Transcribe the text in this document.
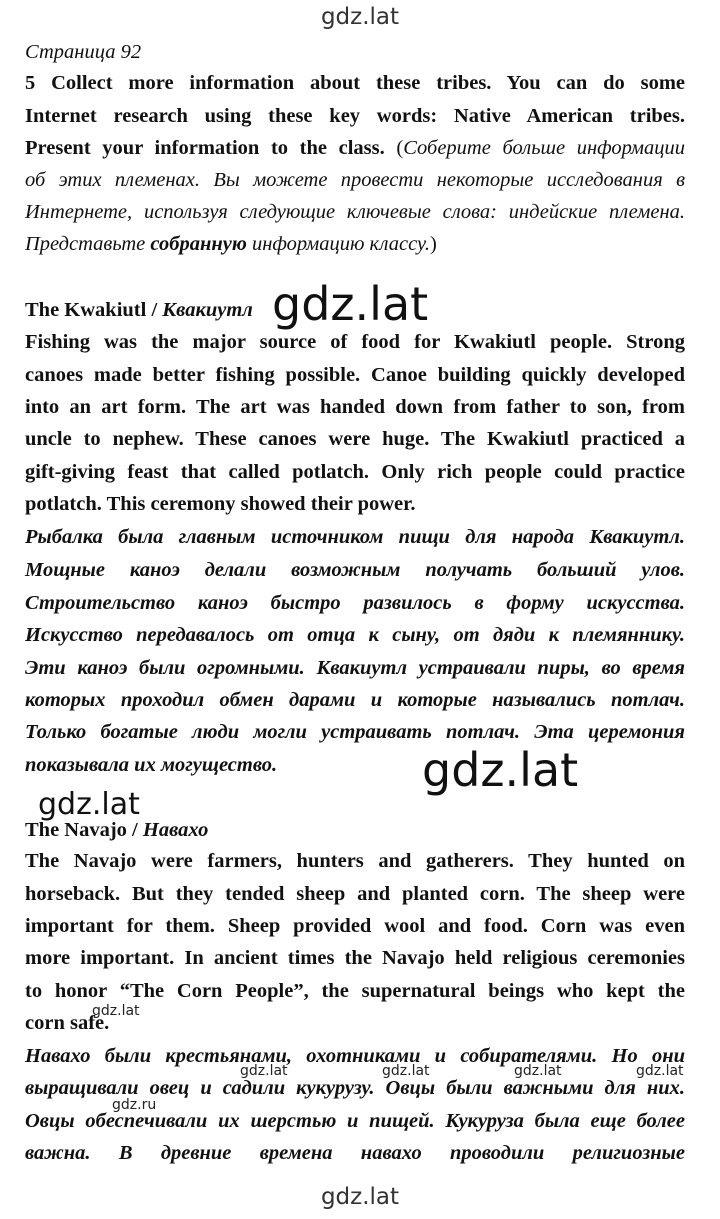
gdz.lat
Страница 92
5 Collect more information about these tribes. You can do some
Internet research using these key words: Native American tribes.
Present your information to the class. (Соберите больше информации
об этих племенах. Вы можете провести некоторые исследования в
Интернете, используя следующие ключевые слова: индейские племена.
Представьте собранную информацию классу.)
The Kwakiutl / Квакиутл gdz.lat
Fishing was the major source of food for Kwakiutl people. Strong
canoes made better fishing possible. Canoe building quickly developed
into an art form. The art was handed down from father to son, from
uncle to nephew. These canoes were huge. The Kwakiutl practiced a
gift-giving feast that called potlatch. Only rich people could practice
potlatch. This ceremony showed their power.
Рыбалка была главным источником пищи для народа Квакиутл.
Мощные каноэ делали возможным получать больший улов.
Строительство каноэ быстро развилось в форму искусства.
Искусство передавалось от отца к сыну, от дяди к племяннику.
Эти каноэ были огромными. Квакиутл устраивали пиры, во время
которых проходил обмен дарами и которые назывались потлач.
Только богатые люди могли устраивать потлач. Эта церемония
показывала их могущество.	gdz.lat
gdz.lat
The Navajo / Навахо
The Navajo were farmers, hunters and gatherers. They hunted on
horseback. But they tended sheep and planted corn. The sheep were
important for them. Sheep provided wool and food. Corn was even
more important. In ancient times the Navajo held religious ceremonies
to honor “The Corn People”, the supernatural beings who kept the
corn safe.
Навахо были крестьянами, охотниками и собирателями. Но они
выращивали овец и садили кукурузу. Овцы были важными для них.
Овцы обеспечивали их шерстью и пищей. Кукуруза была еще более
важна. В древние времена навахо проводили религиозные
gdz.lat
gdz.lat	gdz.lat	gdz.lat	gdz.lat
gdz.ru
gdz.lat
